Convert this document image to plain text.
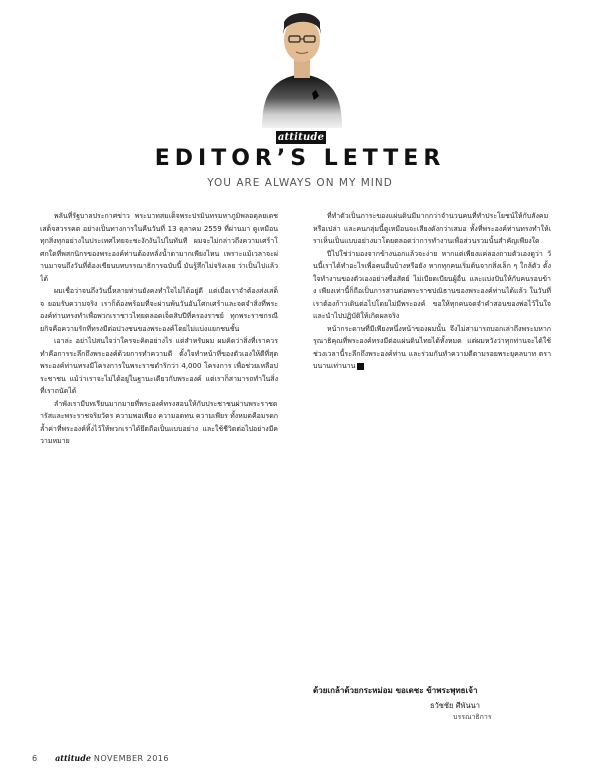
attitude
EDITOR’S LETTER
YOU ARE ALWAYS ON MY MIND

พลันที่รัฐบาลประกาศข่าว พระบาทสมเด็จพระปรมินทรมหาภูมิพลอดุลยเดช เสด็จสวรรคต อย่างเป็นทางการในคืนวันที่ 13 ตุลาคม 2559 ที่ผ่านมา ดูเหมือนทุกสิ่งทุกอย่างในประเทศไทยจะชะงักงันไปในทันที ผมจะไม่กล่าวถึงความเศร้าโศกใดที่พสกนิกรของพระองค์ท่านต้องหลั่งน้ำตามากเพียงไหน เพราะแม้เวลาจะผ่านมาจนถึงวันที่ต้องเขียนบทบรรณาธิการฉบับนี้ มันรู้สึกไม่จริงเลย ว่าเป็นไปแล้วได้

ผมเชื่อว่าจนถึงวันนี้หลายท่านยังคงทำใจไม่ได้อยู่ดี แต่เมื่อเราจำต้องส่งเสด็จ ยอมรับความจริง เราก็ต้องพร้อมที่จะผ่านพ้นวันอันโศกเศร้าและจดจำสิ่งที่พระองค์ท่านทรงทำเพื่อพวกเราชาวไทยตลอดเจ็ดสิบปีที่ครองราชย์ ทุกพระราชกรณียกิจคือความรักที่ทรงมีต่อปวงชนของพระองค์โดยไม่แบ่งแยกชนชั้น

เอาล่ะ อย่าไปสนใจว่าใครจะคิดอย่างไร แต่สำหรับผม ผมคิดว่าสิ่งที่เราควรทำคือการระลึกถึงพระองค์ด้วยการทำความดี ตั้งใจทำหน้าที่ของตัวเองให้ดีที่สุด พระองค์ท่านทรงมีโครงการในพระราชดำริกว่า 4,000 โครงการ เพื่อช่วยเหลือประชาชน แม้ว่าเราจะไม่ได้อยู่ในฐานะเดียวกับพระองค์ แต่เราก็สามารถทำในสิ่งที่เราถนัดได้

ลำพังเรามีบทเรียนมากมายที่พระองค์ทรงสอนให้กับประชาชนผ่านพระราชดำรัสและพระราชจริยวัตร ความพอเพียง ความอดทน ความเพียร ทั้งหมดคือมรดกล้ำค่าที่พระองค์ทิ้งไว้ให้พวกเราได้ยึดถือเป็นแบบอย่าง และใช้ชีวิตต่อไปอย่างมีความหมาย

ที่ทำตัวเป็นภาระของแผ่นดินมีมากกว่าจำนวนคนที่ทำประโยชน์ให้กับสังคมหรือเปล่า และคนกลุ่มนี้ดูเหมือนจะเสียงดังกว่าเสมอ ทั้งที่พระองค์ท่านทรงทำให้เราเห็นเป็นแบบอย่างมาโดยตลอดว่าการทำงานเพื่อส่วนรวมนั้นสำคัญเพียงใด

ปีไปใช่ว่ามองจากข้างนอกแล้วจะง่าย หากแต่เพียงแค่ลองถามตัวเองดูว่า วันนี้เราได้ทำอะไรเพื่อคนอื่นบ้างหรือยัง หากทุกคนเริ่มต้นจากสิ่งเล็ก ๆ ใกล้ตัว ตั้งใจทำงานของตัวเองอย่างซื่อสัตย์ ไม่เบียดเบียนผู้อื่น และแบ่งปันให้กับคนรอบข้าง เพียงเท่านี้ก็ถือเป็นการสานต่อพระราชปณิธานของพระองค์ท่านได้แล้ว ในวันที่เราต้องก้าวเดินต่อไปโดยไม่มีพระองค์ ขอให้ทุกคนจดจำคำสอนของพ่อไว้ในใจ และนำไปปฏิบัติให้เกิดผลจริง

หน้ากระดาษที่มีเพียงหนึ่งหน้าของผมนั้น จึงไม่สามารถบอกเล่าถึงพระมหากรุณาธิคุณที่พระองค์ทรงมีต่อแผ่นดินไทยได้ทั้งหมด แต่ผมหวังว่าทุกท่านจะได้ใช้ช่วงเวลานี้ระลึกถึงพระองค์ท่าน และร่วมกันทำความดีตามรอยพระยุคลบาท ตราบนานเท่านาน

ด้วยเกล้าด้วยกระหม่อม ขอเดชะ ข้าพระพุทธเจ้า
ธวัชชัย ศีพันนา
บรรณาธิการ
6 attitude NOVEMBER 2016
